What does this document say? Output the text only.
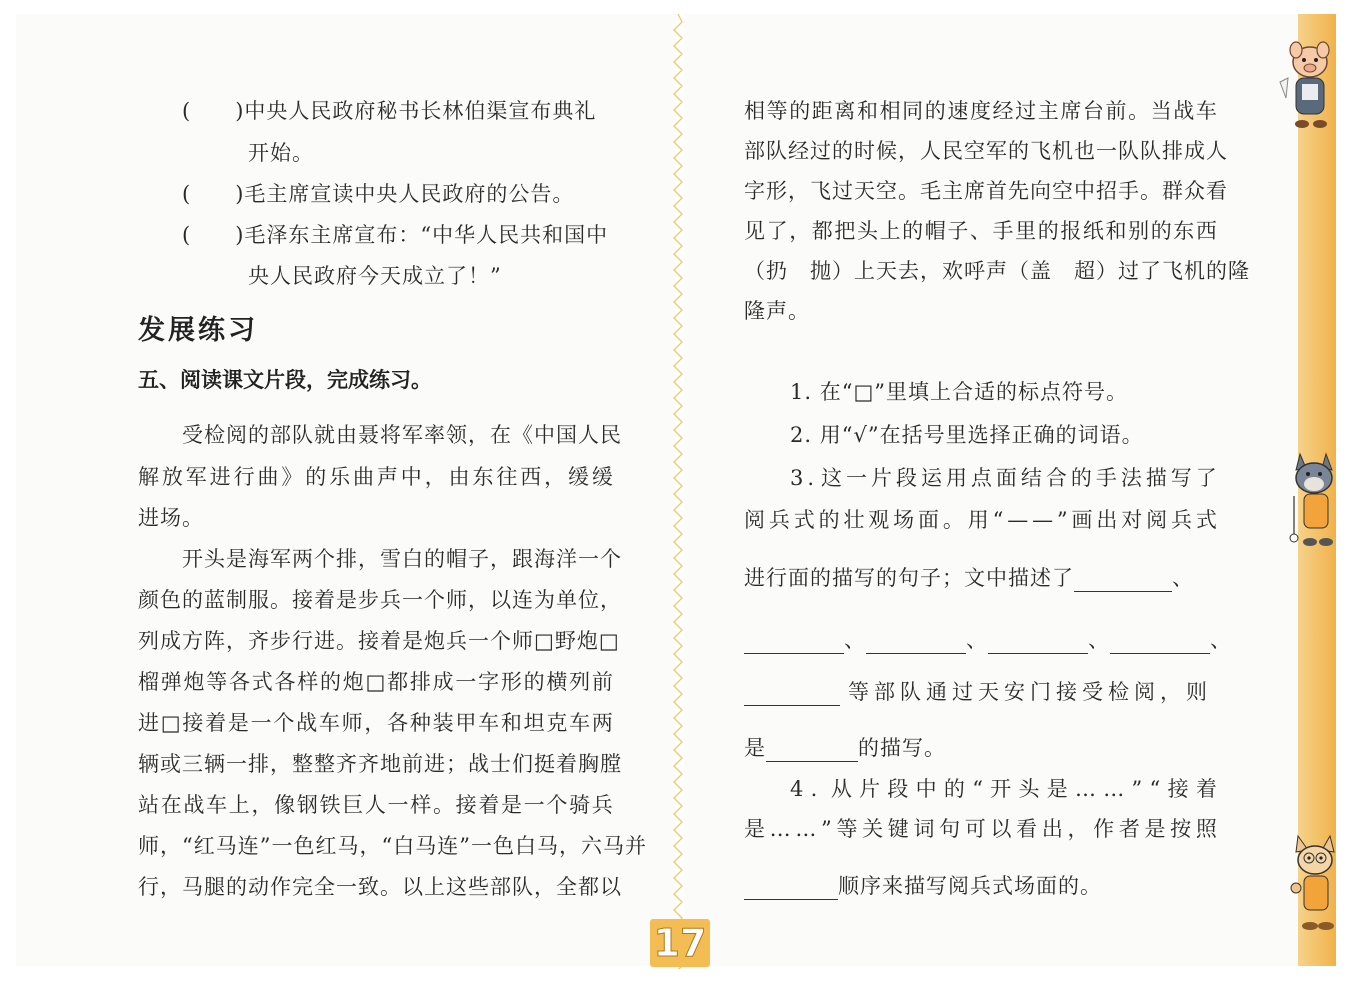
(　　)中央人民政府秘书长林伯渠宣布典礼
开始。
(　　)毛主席宣读中央人民政府的公告。
(　　)毛泽东主席宣布：“中华人民共和国中
央人民政府今天成立了！”
发展练习
五、阅读课文片段，完成练习。
受 检 阅 的 部 队 就 由 聂 将 军 率 领 ， 在 《 中 国 人 民
解 放 军 进 行 曲 》 的 乐 曲 声 中 ， 由 东 往 西 ， 缓 缓
进场。
开 头 是 海 军 两 个 排 ， 雪 白 的 帽 子 ， 跟 海 洋 一 个
颜 色 的 蓝 制 服 。 接 着 是 步 兵 一 个 师 ， 以 连 为 单 位 ，
列 成 方 阵 ， 齐 步 行 进 。 接 着 是 炮 兵 一 个 师 □ 野 炮 □
榴 弹 炮 等 各 式 各 样 的 炮 □ 都 排 成 一 字 形 的 横 列 前
进 □ 接 着 是 一 个 战 车 师 ， 各 种 装 甲 车 和 坦 克 车 两
辆 或 三 辆 一 排 ， 整 整 齐 齐 地 前 进 ； 战 士 们 挺 着 胸 膛
站 在 战 车 上 ， 像 钢 铁 巨 人 一 样 。 接 着 是 一 个 骑 兵
师 ， “ 红 马 连 ” 一 色 红 马 ， “ 白 马 连 ” 一 色 白 马 ， 六 马 并
行 ， 马 腿 的 动 作 完 全 一 致 。 以 上 这 些 部 队 ， 全 都 以
相 等 的 距 离 和 相 同 的 速 度 经 过 主 席 台 前 。 当 战 车
部 队 经 过 的 时 候 ， 人 民 空 军 的 飞 机 也 一 队 队 排 成 人
字 形 ， 飞 过 天 空 。 毛 主 席 首 先 向 空 中 招 手 。 群 众 看
见 了 ， 都 把 头 上 的 帽 子 、 手 里 的 报 纸 和 别 的 东 西
（ 扔
　 抛 ） 上 天 去 ， 欢 呼 声 （ 盖
　 超 ） 过 了 飞 机 的 隆
隆声。
1. 在“□”里填上合适的标点符号。
2. 用“√”在括号里选择正确的词语。
3 . 这 一 片 段 运 用 点 面 结 合 的 手 法 描 写 了
阅 兵 式 的 壮 观 场 面 。 用 “ — — ” 画 出 对 阅 兵 式
进行面的描写的句子；文中描述了	、
、	、	、	、
等部队通过天安门接受检阅，则
是	的描写。
4 . 从 片 段 中 的 “ 开 头 是 … … ” “ 接 着
是 … … ” 等 关 键 词 句 可 以 看 出 ， 作 者 是 按 照
顺序来描写阅兵式场面的。
17
